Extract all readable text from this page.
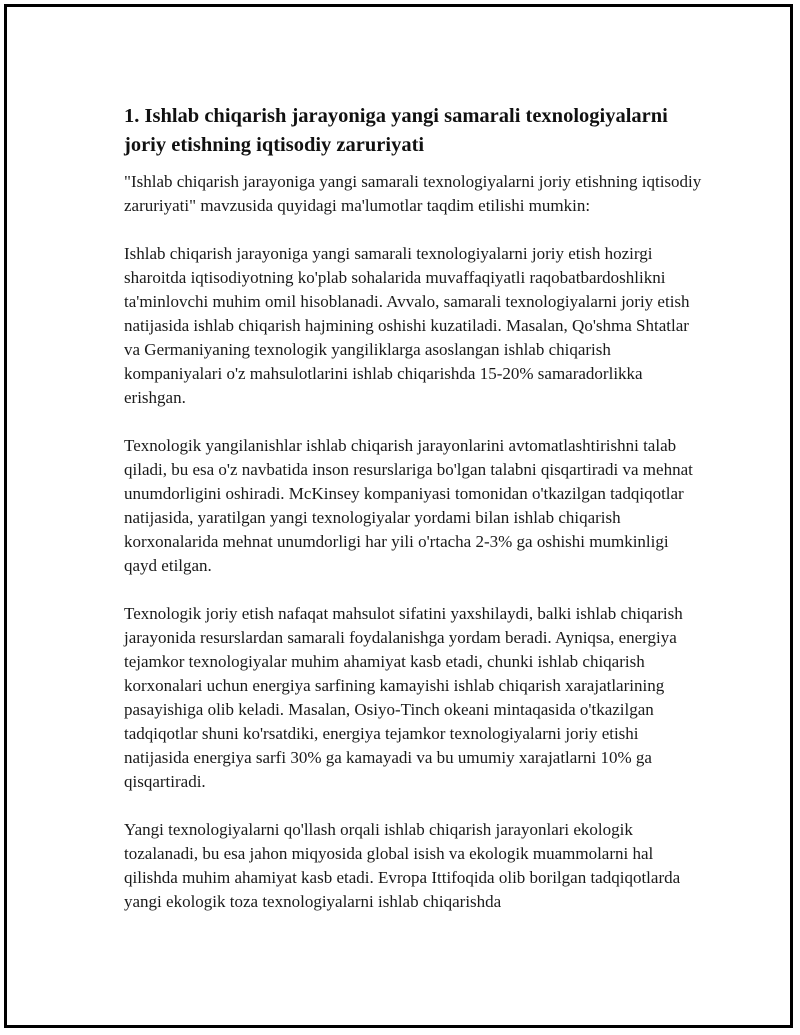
1. Ishlab chiqarish jarayoniga yangi samarali texnologiyalarni joriy etishning iqtisodiy zaruriyati

"Ishlab chiqarish jarayoniga yangi samarali texnologiyalarni joriy etishning iqtisodiy zaruriyati" mavzusida quyidagi ma'lumotlar taqdim etilishi mumkin:

Ishlab chiqarish jarayoniga yangi samarali texnologiyalarni joriy etish hozirgi sharoitda iqtisodiyotning ko'plab sohalarida muvaffaqiyatli raqobatbardoshlikni ta'minlovchi muhim omil hisoblanadi. Avvalo, samarali texnologiyalarni joriy etish natijasida ishlab chiqarish hajmining oshishi kuzatiladi. Masalan, Qo'shma Shtatlar va Germaniyaning texnologik yangiliklarga asoslangan ishlab chiqarish kompaniyalari o'z mahsulotlarini ishlab chiqarishda 15-20% samaradorlikka erishgan.

Texnologik yangilanishlar ishlab chiqarish jarayonlarini avtomatlashtirishni talab qiladi, bu esa o'z navbatida inson resurslariga bo'lgan talabni qisqartiradi va mehnat unumdorligini oshiradi. McKinsey kompaniyasi tomonidan o'tkazilgan tadqiqotlar natijasida, yaratilgan yangi texnologiyalar yordami bilan ishlab chiqarish korxonalarida mehnat unumdorligi har yili o'rtacha 2-3% ga oshishi mumkinligi qayd etilgan.

Texnologik joriy etish nafaqat mahsulot sifatini yaxshilaydi, balki ishlab chiqarish jarayonida resurslardan samarali foydalanishga yordam beradi. Ayniqsa, energiya tejamkor texnologiyalar muhim ahamiyat kasb etadi, chunki ishlab chiqarish korxonalari uchun energiya sarfining kamayishi ishlab chiqarish xarajatlarining pasayishiga olib keladi. Masalan, Osiyo-Tinch okeani mintaqasida o'tkazilgan tadqiqotlar shuni ko'rsatdiki, energiya tejamkor texnologiyalarni joriy etishi natijasida energiya sarfi 30% ga kamayadi va bu umumiy xarajatlarni 10% ga qisqartiradi.

Yangi texnologiyalarni qo'llash orqali ishlab chiqarish jarayonlari ekologik tozalanadi, bu esa jahon miqyosida global isish va ekologik muammolarni hal qilishda muhim ahamiyat kasb etadi. Evropa Ittifoqida olib borilgan tadqiqotlarda yangi ekologik toza texnologiyalarni ishlab chiqarishda
